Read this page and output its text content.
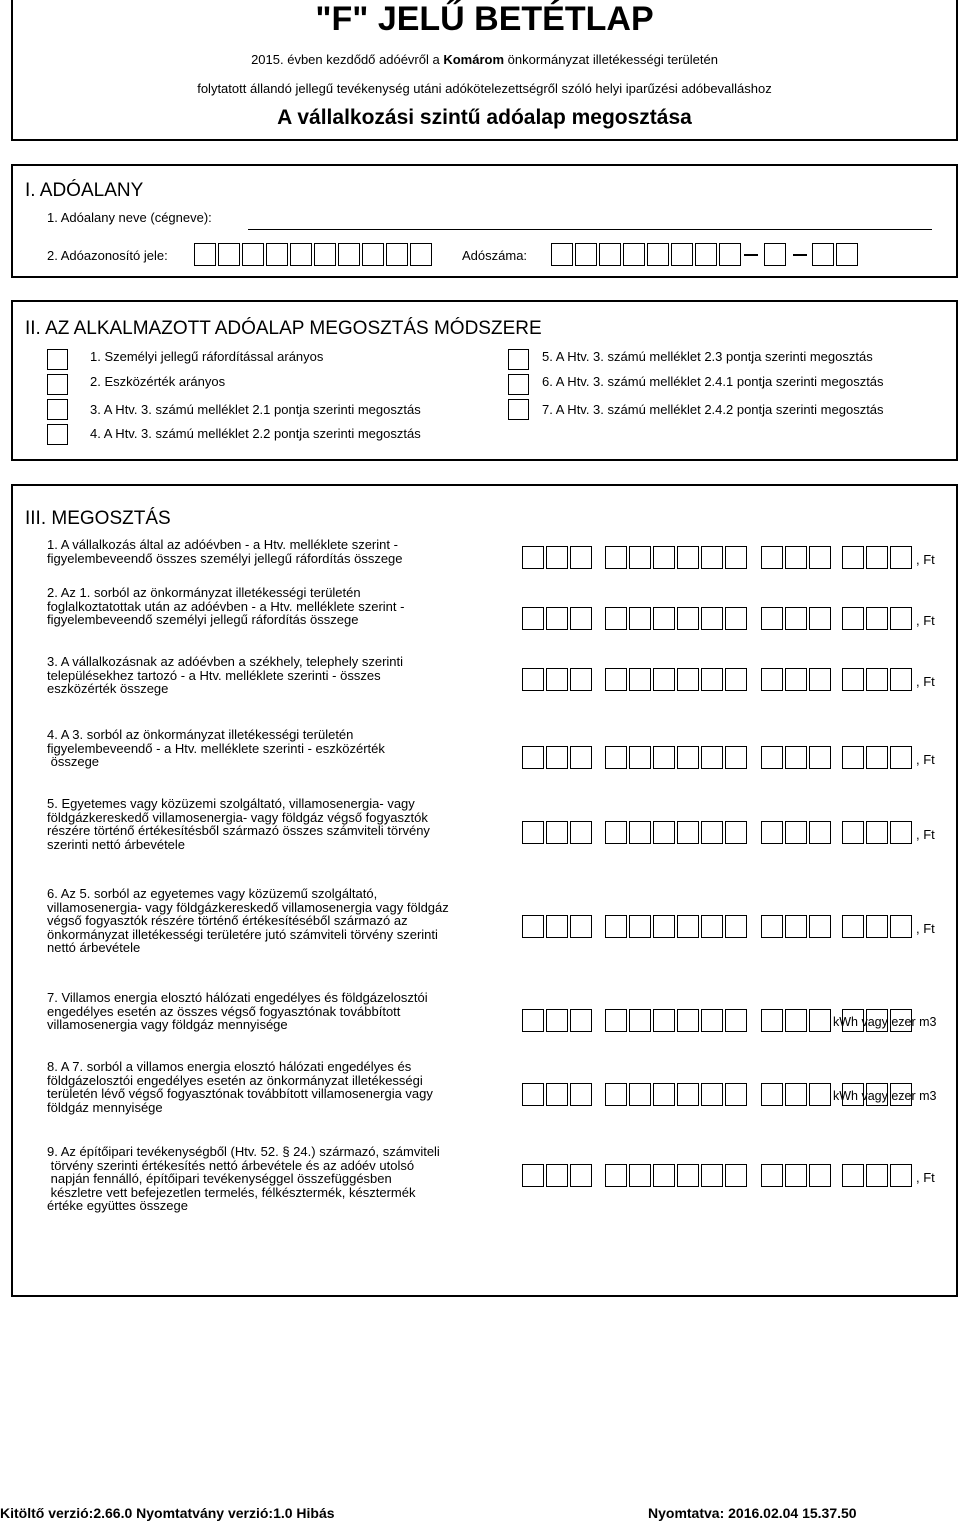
"F" JELŰ BETÉTLAP
2015. évben kezdődő adóévről a Komárom önkormányzat illetékességi területén
folytatott állandó jellegű tevékenység utáni adókötelezettségről szóló helyi iparűzési adóbevalláshoz
A vállalkozási szintű adóalap megosztása
I. ADÓALANY
1. Adóalany neve (cégneve):
2. Adóazonosító jele:	Adószáma:
II. AZ ALKALMAZOTT ADÓALAP MEGOSZTÁS MÓDSZERE
1. Személyi jellegű ráfordítással arányos
2. Eszközérték arányos
3. A Htv. 3. számú melléklet 2.1 pontja szerinti megosztás
4. A Htv. 3. számú melléklet 2.2 pontja szerinti megosztás
5. A Htv. 3. számú melléklet 2.3 pontja szerinti megosztás
6. A Htv. 3. számú melléklet 2.4.1 pontja szerinti megosztás
7. A Htv. 3. számú melléklet 2.4.2 pontja szerinti megosztás
III. MEGOSZTÁS
1. A vállalkozás által az adóévben - a Htv. melléklete szerint -
figyelembeveendő összes személyi jellegű ráfordítás összege	, Ft
2. Az 1. sorból az önkormányzat illetékességi területén
foglalkoztatottak után az adóévben - a Htv. melléklete szerint -
figyelembeveendő személyi jellegű ráfordítás összege	, Ft
3. A vállalkozásnak az adóévben a székhely, telephely szerinti
településekhez tartozó - a Htv. melléklete szerinti - összes
eszközérték összege	, Ft
4. A 3. sorból az önkormányzat illetékességi területén
figyelembeveendő - a Htv. melléklete szerinti - eszközérték
összege	, Ft
5. Egyetemes vagy közüzemi szolgáltató, villamosenergia- vagy
földgázkereskedő villamosenergia- vagy földgáz végső fogyasztók
részére történő értékesítésből származó összes számviteli törvény
szerinti nettó árbevétele
, Ft
6. Az 5. sorból az egyetemes vagy közüzemű szolgáltató,
villamosenergia- vagy földgázkereskedő villamosenergia vagy földgáz
végső fogyasztók részére történő értékesítéséből származó az
önkormányzat illetékességi területére jutó számviteli törvény szerinti
nettó árbevétele
, Ft
7. Villamos energia elosztó hálózati engedélyes és földgázelosztói
engedélyes esetén az összes végső fogyasztónak továbbított
villamosenergia vagy földgáz mennyisége	kWh vagy ezer m3
8. A 7. sorból a villamos energia elosztó hálózati engedélyes és
földgázelosztói engedélyes esetén az önkormányzat illetékességi
területén lévő végső fogyasztónak továbbított villamosenergia vagy
földgáz mennyisége
kWh vagy ezer m3
9. Az építőipari tevékenységből (Htv. 52. § 24.) származó, számviteli
törvény szerinti értékesítés nettó árbevétele és az adóév utolsó
napján fennálló, építőipari tevékenységgel összefüggésben
készletre vett befejezetlen termelés, félkésztermék, késztermék
értéke együttes összege
, Ft
Kitöltő verzió:2.66.0 Nyomtatvány verzió:1.0 Hibás	Nyomtatva: 2016.02.04 15.37.50
